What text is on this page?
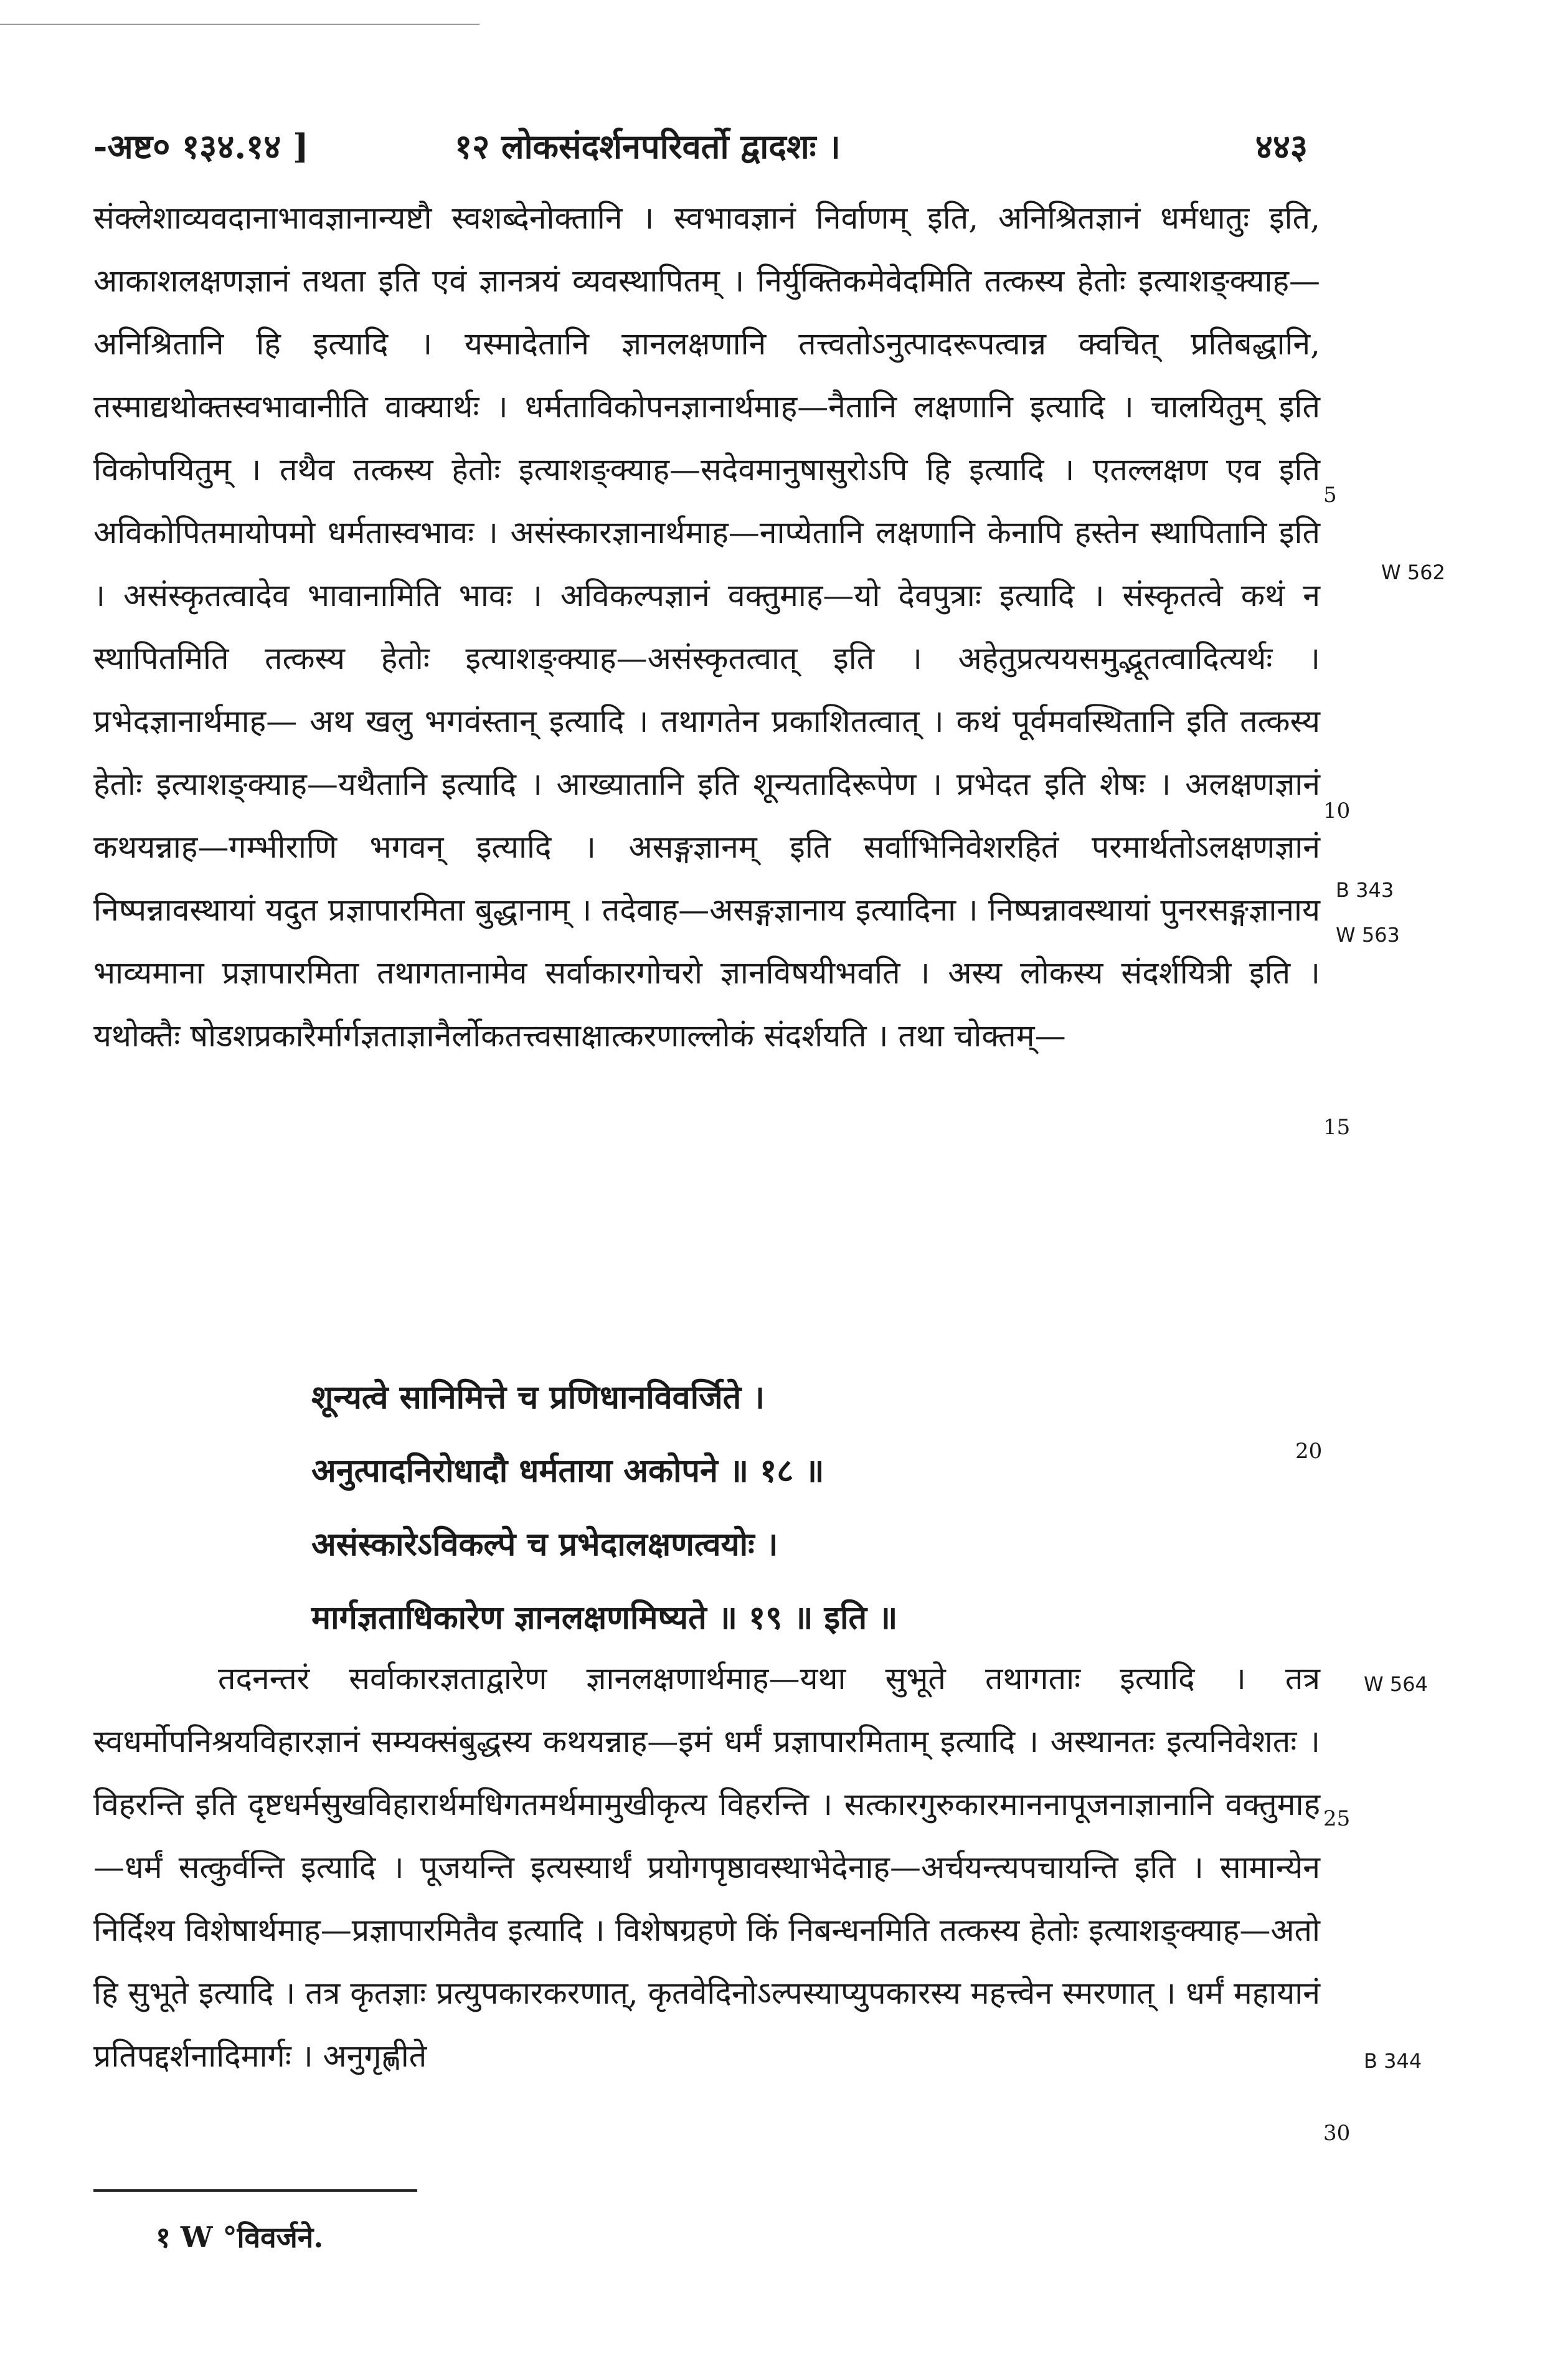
-अष्ट० १३४.१४ ]	१२ लोकसंदर्शनपरिवर्तो द्वादशः ।	४४३

संक्लेशाव्यवदानाभावज्ञानान्यष्टौ स्वशब्देनोक्तानि । स्वभावज्ञानं निर्वाणम् इति, अनिश्रितज्ञानं धर्मधातुः इति, आकाशलक्षणज्ञानं तथता इति एवं ज्ञानत्रयं व्यवस्थापितम् । निर्युक्तिकमेवेदमिति तत्कस्य हेतोः इत्याशङ्क्याह—अनिश्रितानि हि इत्यादि । यस्मादेतानि ज्ञानलक्षणानि तत्त्वतोऽनुत्पादरूपत्वान्न क्वचित् प्रतिबद्धानि, तस्माद्यथोक्तस्वभावानीति वाक्यार्थः । धर्मताविकोपनज्ञानार्थमाह—नैतानि लक्षणानि इत्यादि । चालयितुम् इति विकोपयितुम् । तथैव तत्कस्य हेतोः इत्याशङ्क्याह—सदेवमानुषासुरोऽपि हि इत्यादि । एतल्लक्षण एव इति अविकोपितमायोपमो धर्मतास्वभावः । असंस्कारज्ञानार्थमाह—नाप्येतानि लक्षणानि केनापि हस्तेन स्थापितानि इति । असंस्कृतत्वादेव भावानामिति भावः । अविकल्पज्ञानं वक्तुमाह—यो देवपुत्राः इत्यादि । संस्कृतत्वे कथं न स्थापितमिति तत्कस्य हेतोः इत्याशङ्क्याह—असंस्कृतत्वात् इति । अहेतुप्रत्ययसमुद्भूतत्वादित्यर्थः । प्रभेदज्ञानार्थमाह— अथ खलु भगवंस्तान् इत्यादि । तथागतेन प्रकाशितत्वात् । कथं पूर्वमवस्थितानि इति तत्कस्य हेतोः इत्याशङ्क्याह—यथैतानि इत्यादि । आख्यातानि इति शून्यतादिरूपेण । प्रभेदत इति शेषः । अलक्षणज्ञानं कथयन्नाह—गम्भीराणि भगवन् इत्यादि । असङ्गज्ञानम् इति सर्वाभिनिवेशरहितं परमार्थतोऽलक्षणज्ञानं निष्पन्नावस्थायां यदुत प्रज्ञापारमिता बुद्धानाम् । तदेवाह—असङ्गज्ञानाय इत्यादिना । निष्पन्नावस्थायां पुनरसङ्गज्ञानाय भाव्यमाना प्रज्ञापारमिता तथागतानामेव सर्वाकारगोचरो ज्ञानविषयीभवति । अस्य लोकस्य संदर्शयित्री इति । यथोक्तैः षोडशप्रकारैर्मार्गज्ञताज्ञानैर्लोकतत्त्वसाक्षात्करणाल्लोकं संदर्शयति । तथा चोक्तम्—

शून्यत्वे सानिमित्ते च प्रणिधानविवर्जिते ।
अनुत्पादनिरोधादौ धर्मताया अकोपने ॥ १८ ॥
असंस्कारेऽविकल्पे च प्रभेदालक्षणत्वयोः ।
मार्गज्ञताधिकारेण ज्ञानलक्षणमिष्यते ॥ १९ ॥ इति ॥

तदनन्तरं सर्वाकारज्ञताद्वारेण ज्ञानलक्षणार्थमाह—यथा सुभूते तथागताः इत्यादि । तत्र स्वधर्मोपनिश्रयविहारज्ञानं सम्यक्संबुद्धस्य कथयन्नाह—इमं धर्मं प्रज्ञापारमिताम् इत्यादि । अस्थानतः इत्यनिवेशतः । विहरन्ति इति दृष्टधर्मसुखविहारार्थमधिगतमर्थमामुखीकृत्य विहरन्ति । सत्कारगुरुकारमाननापूजनाज्ञानानि वक्तुमाह—धर्मं सत्कुर्वन्ति इत्यादि । पूजयन्ति इत्यस्यार्थं प्रयोगपृष्ठावस्थाभेदेनाह—अर्चयन्त्यपचायन्ति इति । सामान्येन निर्दिश्य विशेषार्थमाह—प्रज्ञापारमितैव इत्यादि । विशेषग्रहणे किं निबन्धनमिति तत्कस्य हेतोः इत्याशङ्क्याह—अतो हि सुभूते इत्यादि । तत्र कृतज्ञाः प्रत्युपकारकरणात्, कृतवेदिनोऽल्पस्याप्युपकारस्य महत्त्वेन स्मरणात् । धर्मं महायानं प्रतिपद्दर्शनादिमार्गः । अनुगृह्णीते

W 562
B 343
W 563
W 564
B 344
5
10
15
20
25
30
१ W °विवर्जने.
